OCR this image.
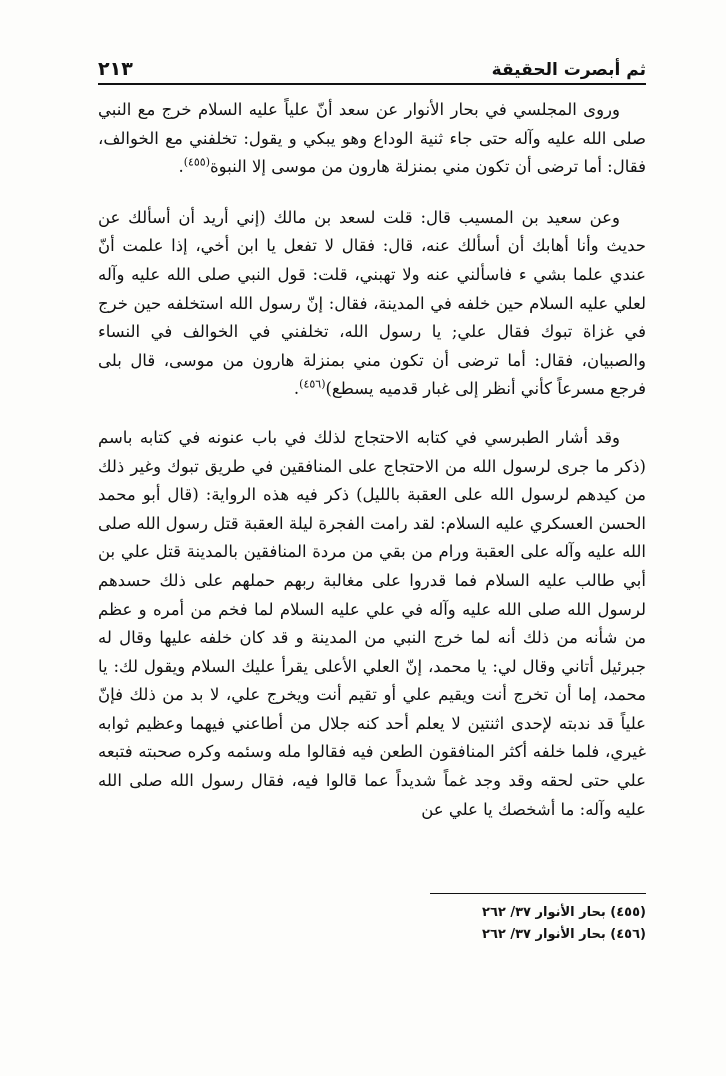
ثم أبصرت الحقيقة
٢١٣

وروى المجلسي في بحار الأنوار عن سعد أنّ علياً عليه السلام خرج مع النبي صلى الله عليه وآله حتى جاء ثنية الوداع وهو يبكي و يقول: تخلفني مع الخوالف، فقال: أما ترضى أن تكون مني بمنزلة هارون من موسى إلا النبوة$^{(٤٥٥)}$.

وعن سعيد بن المسيب قال: قلت لسعد بن مالك (إني أريد أن أسألك عن حديث وأنا أهابك أن أسألك عنه، قال: فقال لا تفعل يا ابن أخي، إذا علمت أنّ عندي علما بشي ء فاسألني عنه ولا تهبني، قلت: قول النبي صلى الله عليه وآله لعلي عليه السلام حين خلفه في المدينة، فقال: إنّ رسول الله استخلفه حين خرج في غزاة تبوك فقال علي; يا رسول الله، تخلفني في الخوالف في النساء والصبيان، فقال: أما ترضى أن تكون مني بمنزلة هارون من موسى، قال بلى فرجع مسرعاً كأني أنظر إلى غبار قدميه يسطع)$^{(٤٥٦)}$.

وقد أشار الطبرسي في كتابه الاحتجاج لذلك في باب عنونه في كتابه باسم (ذكر ما جرى لرسول الله من الاحتجاج على المنافقين في طريق تبوك وغير ذلك من كيدهم لرسول الله على العقبة بالليل) ذكر فيه هذه الرواية: (قال أبو محمد الحسن العسكري عليه السلام: لقد رامت الفجرة ليلة العقبة قتل رسول الله صلى الله عليه وآله على العقبة ورام من بقي من مردة المنافقين بالمدينة قتل علي بن أبي طالب عليه السلام فما قدروا على مغالبة ربهم حملهم على ذلك حسدهم لرسول الله صلى الله عليه وآله في علي عليه السلام لما فخم من أمره و عظم من شأنه من ذلك أنه لما خرج النبي من المدينة و قد كان خلفه عليها وقال له جبرئيل أتاني وقال لي: يا محمد، إنّ العلي الأعلى يقرأ عليك السلام ويقول لك: يا محمد، إما أن تخرج أنت ويقيم علي أو تقيم أنت ويخرج علي، لا بد من ذلك فإنّ علياً قد ندبته لإحدى اثنتين لا يعلم أحد كنه جلال من أطاعني فيهما وعظيم ثوابه غيري، فلما خلفه أكثر المنافقون الطعن فيه فقالوا مله وسئمه وكره صحبته فتبعه علي حتى لحقه وقد وجد غماً شديداً عما قالوا فيه، فقال رسول الله صلى الله عليه وآله: ما أشخصك يا علي عن

(٤٥٥) بحار الأنوار ٣٧/ ٢٦٢
(٤٥٦) بحار الأنوار ٣٧/ ٢٦٢
